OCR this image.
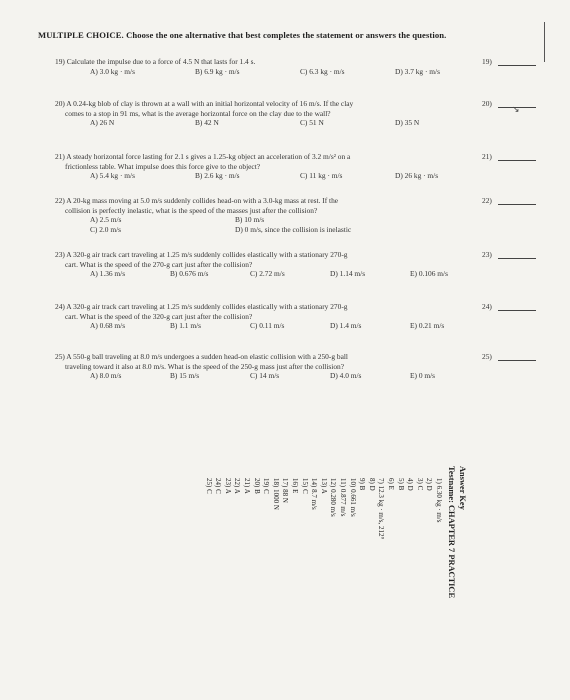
MULTIPLE CHOICE. Choose the one alternative that best completes the statement or answers the question.
19) Calculate the impulse due to a force of 4.5 N that lasts for 1.4 s.
A) 3.0 kg · m/s	B) 6.9 kg · m/s	C) 6.3 kg · m/s	D) 3.7 kg · m/s
19)
20) A 0.24-kg blob of clay is thrown at a wall with an initial horizontal velocity of 16 m/s. If the clay
comes to a stop in 91 ms, what is the average horizontal force on the clay due to the wall?
A) 26 N	B) 42 N	C) 51 N	D) 35 N
20)
↘
21) A steady horizontal force lasting for 2.1 s gives a 1.25-kg object an acceleration of 3.2 m/s² on a
frictionless table. What impulse does this force give to the object?
A) 5.4 kg · m/s	B) 2.6 kg · m/s	C) 11 kg · m/s	D) 26 kg · m/s
21)
22) A 20-kg mass moving at 5.0 m/s suddenly collides head-on with a 3.0-kg mass at rest. If the
collision is perfectly inelastic, what is the speed of the masses just after the collision?
A) 2.5 m/s	B) 10 m/s
C) 2.0 m/s	D) 0 m/s, since the collision is inelastic
22)
23) A 320-g air track cart traveling at 1.25 m/s suddenly collides elastically with a stationary 270-g
cart. What is the speed of the 270-g cart just after the collision?
A) 1.36 m/s	B) 0.676 m/s	C) 2.72 m/s	D) 1.14 m/s	E) 0.106 m/s
23)
24) A 320-g air track cart traveling at 1.25 m/s suddenly collides elastically with a stationary 270-g
cart. What is the speed of the 320-g cart just after the collision?
A) 0.68 m/s	B) 1.1 m/s	C) 0.11 m/s	D) 1.4 m/s	E) 0.21 m/s
24)
25) A 550-g ball traveling at 8.0 m/s undergoes a sudden head-on elastic collision with a 250-g ball
traveling toward it also at 8.0 m/s. What is the speed of the 250-g mass just after the collision?
A) 8.0 m/s	B) 15 m/s	C) 14 m/s	D) 4.0 m/s	E) 0 m/s
25)
Answer Key
Testname: CHAPTER 7 PRACTICE
1) 6.30 kg · m/s
2) D
3) C
4) D
5) B
6) E
7) 12.3 kg · m/s, 212°
8) D
9) B
10) 0.661 m/s
11) 0.877 m/s
12) 0.280 m/s
13) A
14) 8.7 m/s
15) C
16) E
17) 88 N
18) 1000 N
19) C
20) B
21) A
22) A
23) A
24) C
25) C
